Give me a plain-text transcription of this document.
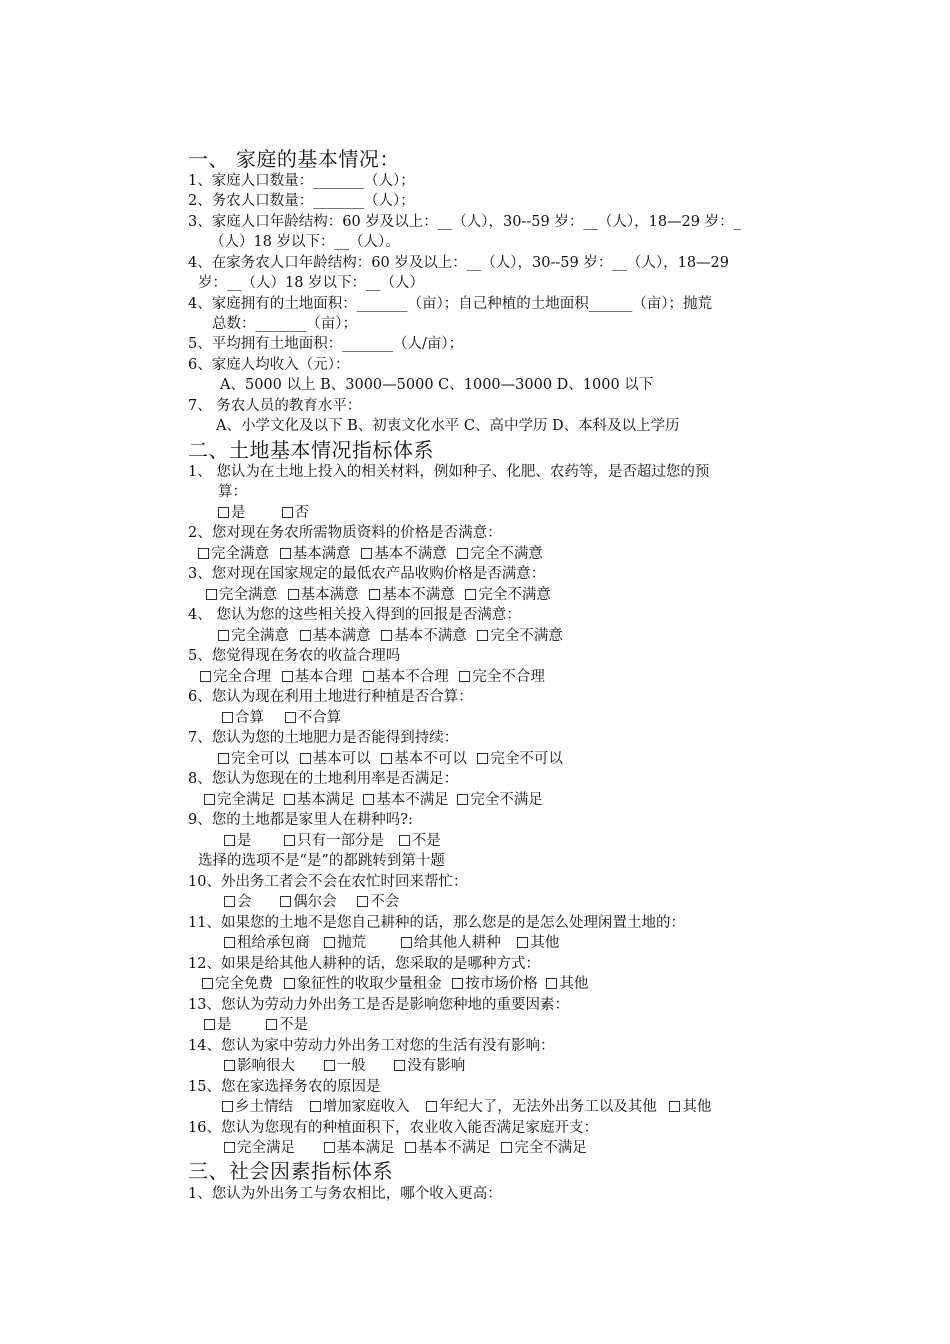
一、 家庭的基本情况：
1、家庭人口数量：_______（人）；
2、务农人口数量：_______（人）；
3、家庭人口年龄结构：60 岁及以上：__（人），30--59 岁：__（人），18—29 岁：_
（人）18 岁以下：__（人）。
4、在家务农人口年龄结构：60 岁及以上：__（人），30--59 岁：__（人），18—29
岁：__（人）18 岁以下：__（人）
4、家庭拥有的土地面积：_______（亩）；自己种植的土地面积______（亩）；抛荒
总数：_______（亩）；
5、平均拥有土地面积：_______（人/亩）；
6、家庭人均收入（元）：
A、5000 以上 B、3000—5000 C、1000—3000 D、1000 以下
7、 务农人员的教育水平：
A、小学文化及以下 B、初衷文化水平 C、高中学历 D、本科及以上学历
二、土地基本情况指标体系
1、 您认为在土地上投入的相关材料，例如种子、化肥、农药等，是否超过您的预
算：
是	否
2、您对现在务农所需物质资料的价格是否满意：
完全满意 基本满意 基本不满意 完全不满意
3、您对现在国家规定的最低农产品收购价格是否满意：
完全满意 基本满意 基本不满意 完全不满意
4、 您认为您的这些相关投入得到的回报是否满意：
完全满意 基本满意 基本不满意 完全不满意
5、您觉得现在务农的收益合理吗
完全合理 基本合理 基本不合理 完全不合理
6、您认为现在利用土地进行种植是否合算：
合算 不合算
7、您认为您的土地肥力是否能得到持续：
完全可以 基本可以 基本不可以 完全不可以
8、您认为您现在的土地利用率是否满足：
完全满足 基本满足 基本不满足 完全不满足
9、您的土地都是家里人在耕种吗?:
是	只有一部分是 不是
选择的选项不是“是”的都跳转到第十题
10、外出务工者会不会在农忙时回来帮忙：
会	偶尔会 不会
11、如果您的土地不是您自己耕种的话，那么您是的是怎么处理闲置土地的：
租给承包商 抛荒	给其他人耕种 其他
12、如果是给其他人耕种的话，您采取的是哪种方式：
完全免费 象征性的收取少量租金 按市场价格 其他
13、您认为劳动力外出务工是否是影响您种地的重要因素：
是	不是
14、您认为家中劳动力外出务工对您的生活有没有影响：
影响很大	一般	没有影响
15、您在家选择务农的原因是
乡土情结 增加家庭收入 年纪大了，无法外出务工以及其他 其他
16、您认为您现有的种植面积下，农业收入能否满足家庭开支：
完全满足	基本满足 基本不满足 完全不满足
三、社会因素指标体系
1、您认为外出务工与务农相比，哪个收入更高：
